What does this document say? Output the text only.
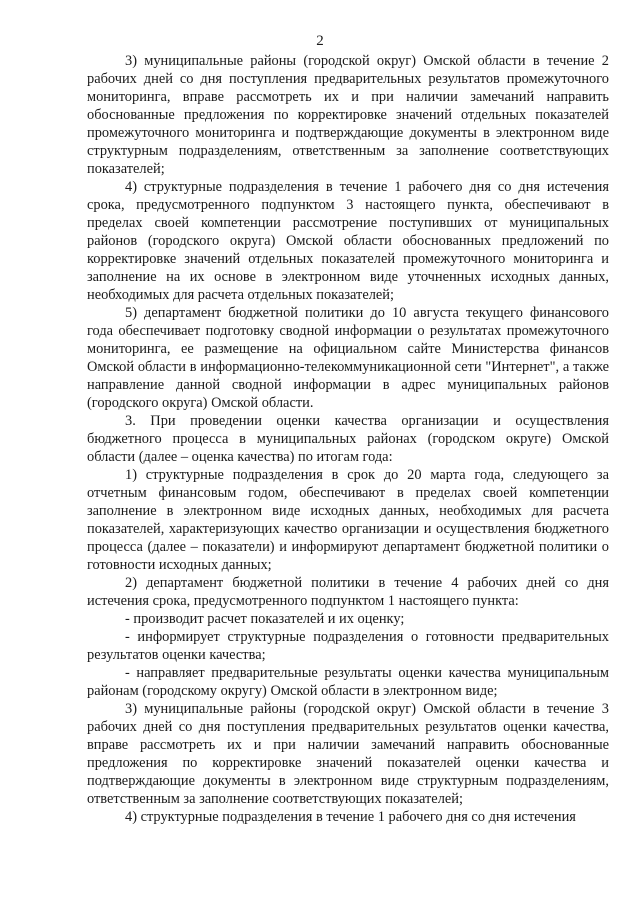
2

3) муниципальные районы (городской округ) Омской области в течение 2 рабочих дней со дня поступления предварительных результатов промежуточного мониторинга, вправе рассмотреть их и при наличии замечаний направить обоснованные предложения по корректировке значений отдельных показателей промежуточного мониторинга и подтверждающие документы в электронном виде структурным подразделениям, ответственным за заполнение соответствующих показателей;

4) структурные подразделения в течение 1 рабочего дня со дня истечения срока, предусмотренного подпунктом 3 настоящего пункта, обеспечивают в пределах своей компетенции рассмотрение поступивших от муниципальных районов (городского округа) Омской области обоснованных предложений по корректировке значений отдельных показателей промежуточного мониторинга и заполнение на их основе в электронном виде уточненных исходных данных, необходимых для расчета отдельных показателей;

5) департамент бюджетной политики до 10 августа текущего финансового года обеспечивает подготовку сводной информации о результатах промежуточного мониторинга, ее размещение на официальном сайте Министерства финансов Омской области в информационно-телекоммуникационной сети "Интернет", а также направление данной сводной информации в адрес муниципальных районов (городского округа) Омской области.

3. При проведении оценки качества организации и осуществления бюджетного процесса в муниципальных районах (городском округе) Омской области (далее – оценка качества) по итогам года:

1) структурные подразделения в срок до 20 марта года, следующего за отчетным финансовым годом, обеспечивают в пределах своей компетенции заполнение в электронном виде исходных данных, необходимых для расчета показателей, характеризующих качество организации и осуществления бюджетного процесса (далее – показатели) и информируют департамент бюджетной политики о готовности исходных данных;

2) департамент бюджетной политики в течение 4 рабочих дней со дня истечения срока, предусмотренного подпунктом 1 настоящего пункта:

- производит расчет показателей и их оценку;

- информирует структурные подразделения о готовности предварительных результатов оценки качества;

- направляет предварительные результаты оценки качества муниципальным районам (городскому округу) Омской области в электронном виде;

3) муниципальные районы (городской округ) Омской области в течение 3 рабочих дней со дня поступления предварительных результатов оценки качества, вправе рассмотреть их и при наличии замечаний направить обоснованные предложения по корректировке значений показателей оценки качества и подтверждающие документы в электронном виде структурным подразделениям, ответственным за заполнение соответствующих показателей;

4) структурные подразделения в течение 1 рабочего дня со дня истечения
